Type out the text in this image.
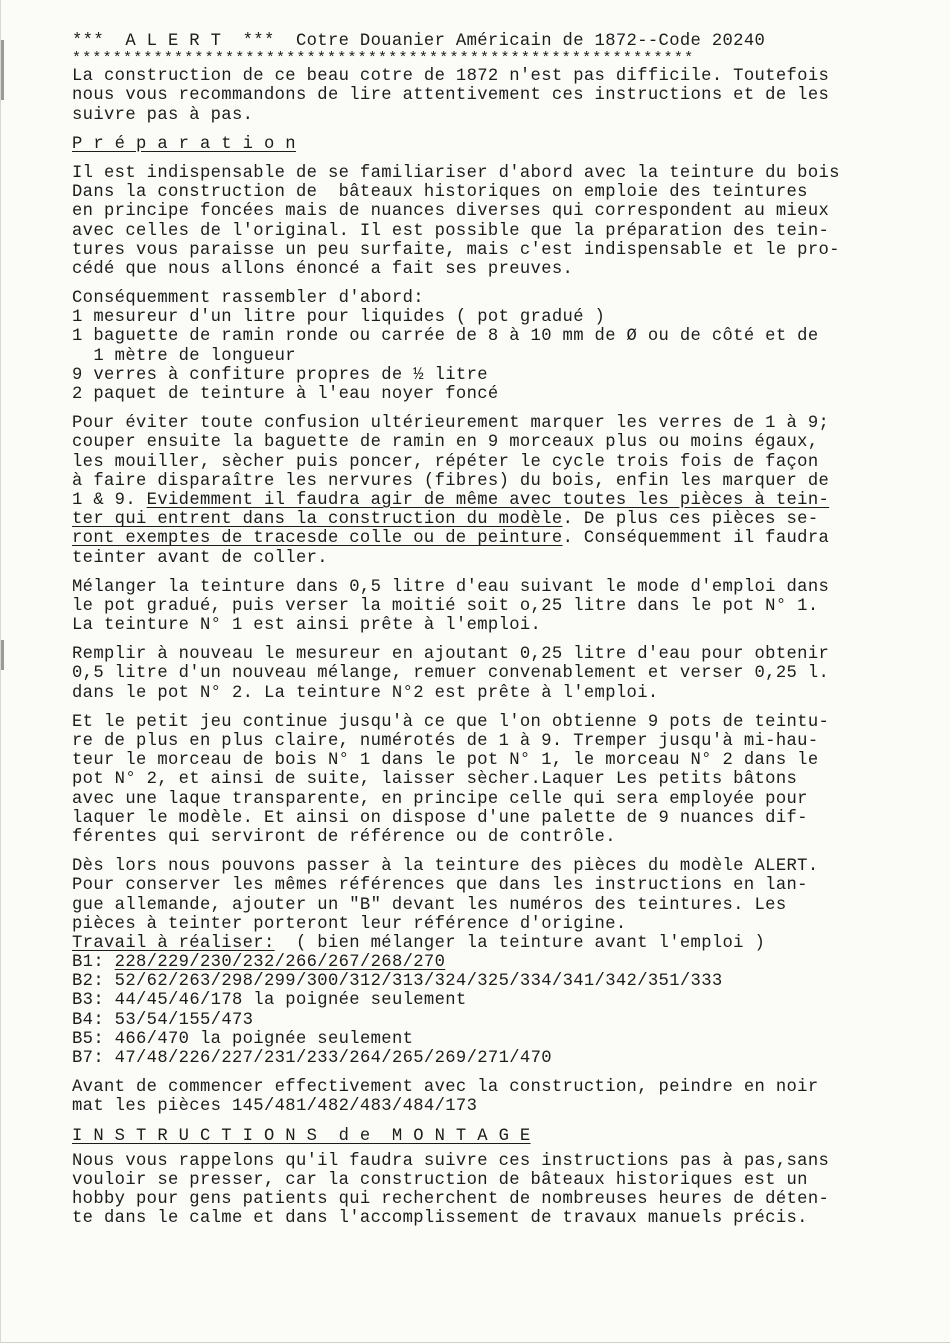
***  A L E R T  ***  Cotre Douanier Américain de 1872--Code 20240
*************************************************************
La construction de ce beau cotre de 1872 n'est pas difficile. Toutefois
nous vous recommandons de lire attentivement ces instructions et de les
suivre pas à pas.
P r é p a r a t i o n
Il est indispensable de se familiariser d'abord avec la teinture du bois
Dans la construction de  bâteaux historiques on emploie des teintures
en principe foncées mais de nuances diverses qui correspondent au mieux
avec celles de l'original. Il est possible que la préparation des tein-
tures vous paraisse un peu surfaite, mais c'est indispensable et le pro-
cédé que nous allons énoncé a fait ses preuves.
Conséquemment rassembler d'abord:
1 mesureur d'un litre pour liquides ( pot gradué )
1 baguette de ramin ronde ou carrée de 8 à 10 mm de Ø ou de côté et de
1 mètre de longueur
9 verres à confiture propres de ½ litre
2 paquet de teinture à l'eau noyer foncé
Pour éviter toute confusion ultérieurement marquer les verres de 1 à 9;
couper ensuite la baguette de ramin en 9 morceaux plus ou moins égaux,
les mouiller, sècher puis poncer, répéter le cycle trois fois de façon
à faire disparaître les nervures (fibres) du bois, enfin les marquer de
1 & 9. Evidemment il faudra agir de même avec toutes les pièces à tein-
ter qui entrent dans la construction du modèle. De plus ces pièces se-
ront exemptes de tracesde colle ou de peinture. Conséquemment il faudra
teinter avant de coller.
Mélanger la teinture dans 0,5 litre d'eau suivant le mode d'emploi dans
le pot gradué, puis verser la moitié soit o,25 litre dans le pot N° 1.
La teinture N° 1 est ainsi prête à l'emploi.
Remplir à nouveau le mesureur en ajoutant 0,25 litre d'eau pour obtenir
0,5 litre d'un nouveau mélange, remuer convenablement et verser 0,25 l.
dans le pot N° 2. La teinture N°2 est prête à l'emploi.
Et le petit jeu continue jusqu'à ce que l'on obtienne 9 pots de teintu-
re de plus en plus claire, numérotés de 1 à 9. Tremper jusqu'à mi-hau-
teur le morceau de bois N° 1 dans le pot N° 1, le morceau N° 2 dans le
pot N° 2, et ainsi de suite, laisser sècher.Laquer Les petits bâtons
avec une laque transparente, en principe celle qui sera employée pour
laquer le modèle. Et ainsi on dispose d'une palette de 9 nuances dif-
férentes qui serviront de référence ou de contrôle.
Dès lors nous pouvons passer à la teinture des pièces du modèle ALERT.
Pour conserver les mêmes références que dans les instructions en lan-
gue allemande, ajouter un "B" devant les numéros des teintures. Les
pièces à teinter porteront leur référence d'origine.
Travail à réaliser:  ( bien mélanger la teinture avant l'emploi )
B1: 228/229/230/232/266/267/268/270
B2: 52/62/263/298/299/300/312/313/324/325/334/341/342/351/333
B3: 44/45/46/178 la poignée seulement
B4: 53/54/155/473
B5: 466/470 la poignée seulement
B7: 47/48/226/227/231/233/264/265/269/271/470
Avant de commencer effectivement avec la construction, peindre en noir
mat les pièces 145/481/482/483/484/173
I N S T R U C T I O N S  d e  M O N T A G E
Nous vous rappelons qu'il faudra suivre ces instructions pas à pas,sans
vouloir se presser, car la construction de bâteaux historiques est un
hobby pour gens patients qui recherchent de nombreuses heures de déten-
te dans le calme et dans l'accomplissement de travaux manuels précis.
